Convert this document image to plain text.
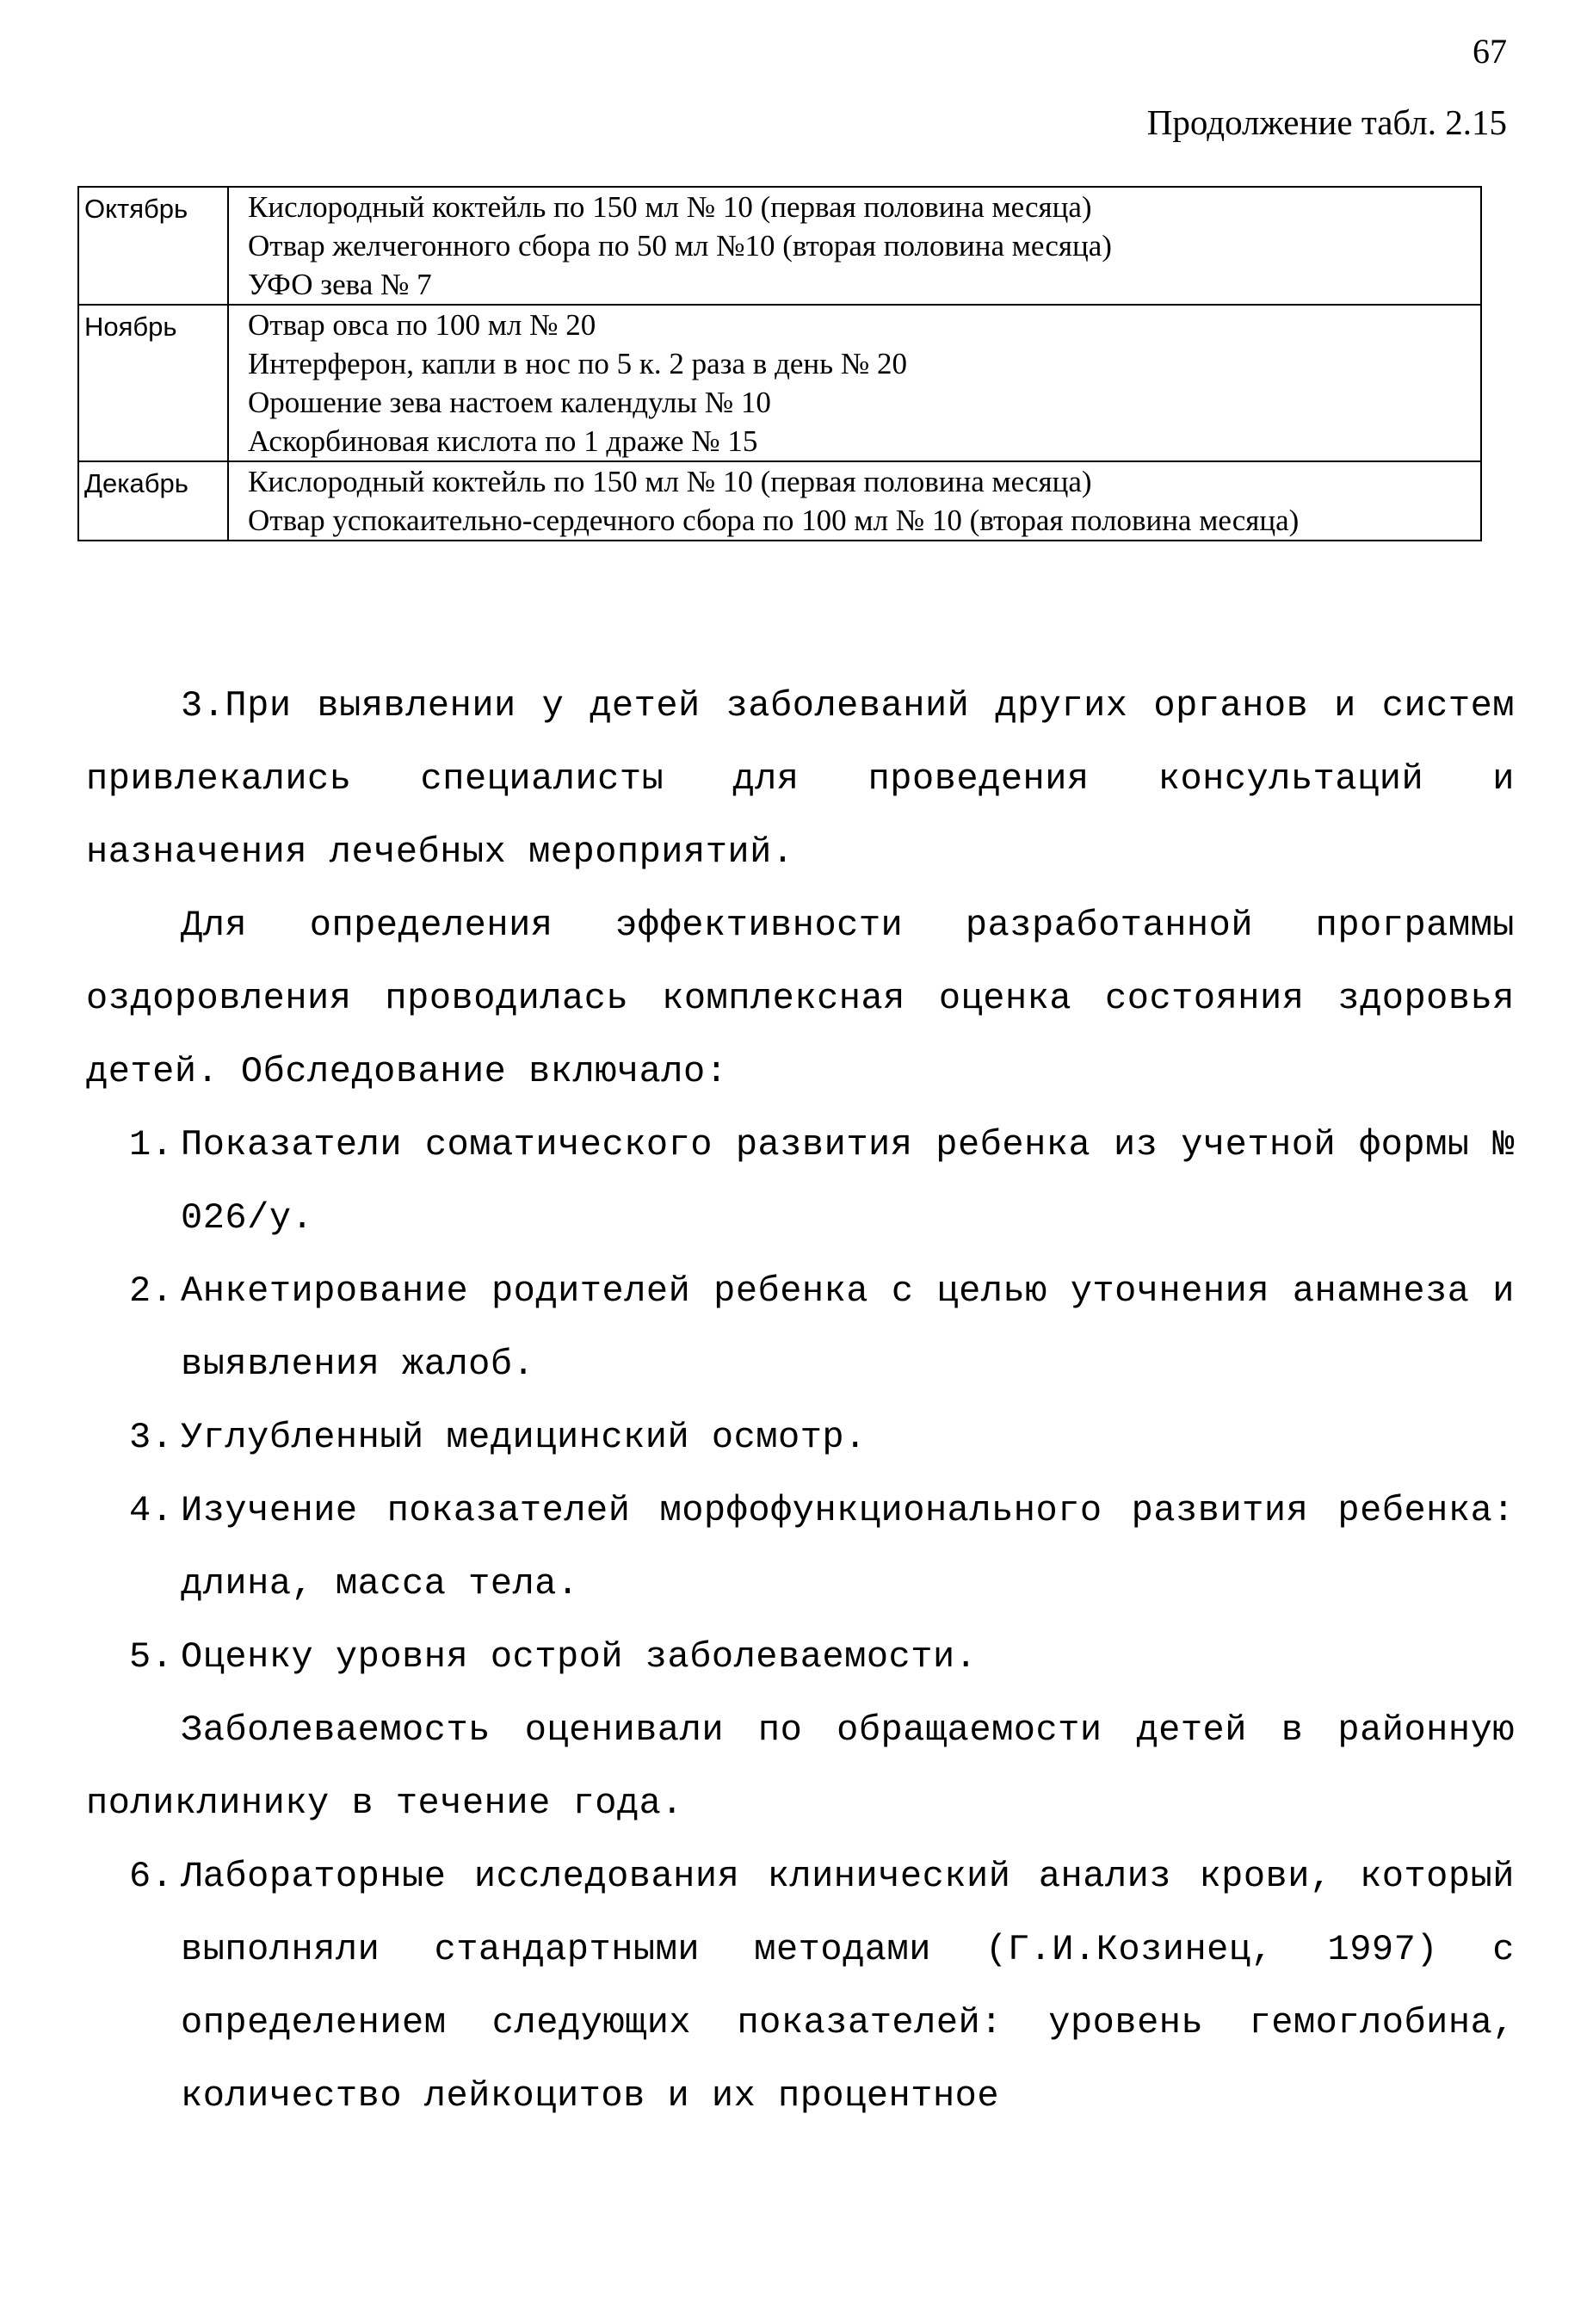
67
Продолжение табл. 2.15
Октябрь	Кислородный коктейль по 150 мл № 10 (первая половина месяца)
Отвар желчегонного сбора по 50 мл №10 (вторая половина месяца)
УФО зева № 7

Ноябрь	Отвар овса по 100 мл № 20
Интерферон, капли в нос по 5 к. 2 раза в день № 20
Орошение зева настоем календулы № 10
Аскорбиновая кислота по 1 драже № 15

Декабрь	Кислородный коктейль по 150 мл № 10 (первая половина месяца)
Отвар успокаительно-сердечного сбора по 100 мл № 10 (вторая половина месяца)

3.При выявлении у детей заболеваний других органов и систем привлекались специалисты для проведения консультаций и назначения лечебных мероприятий.

Для определения эффективности разработанной программы оздоровления проводилась комплексная оценка состояния здоровья детей. Обследование включало:

1. Показатели соматического развития ребенка из учетной формы № 026/у.
2. Анкетирование родителей ребенка с целью уточнения анамнеза и выявления жалоб.
3. Углубленный медицинский осмотр.
4. Изучение показателей морфофункционального развития ребенка: длина, масса тела.
5. Оценку уровня острой заболеваемости.

Заболеваемость оценивали по обращаемости детей в районную поликлинику в течение года.

6. Лабораторные исследования клинический анализ крови, который выполняли стандартными методами (Г.И.Козинец, 1997) с определением следующих показателей: уровень гемоглобина, количество лейкоцитов и их процентное
